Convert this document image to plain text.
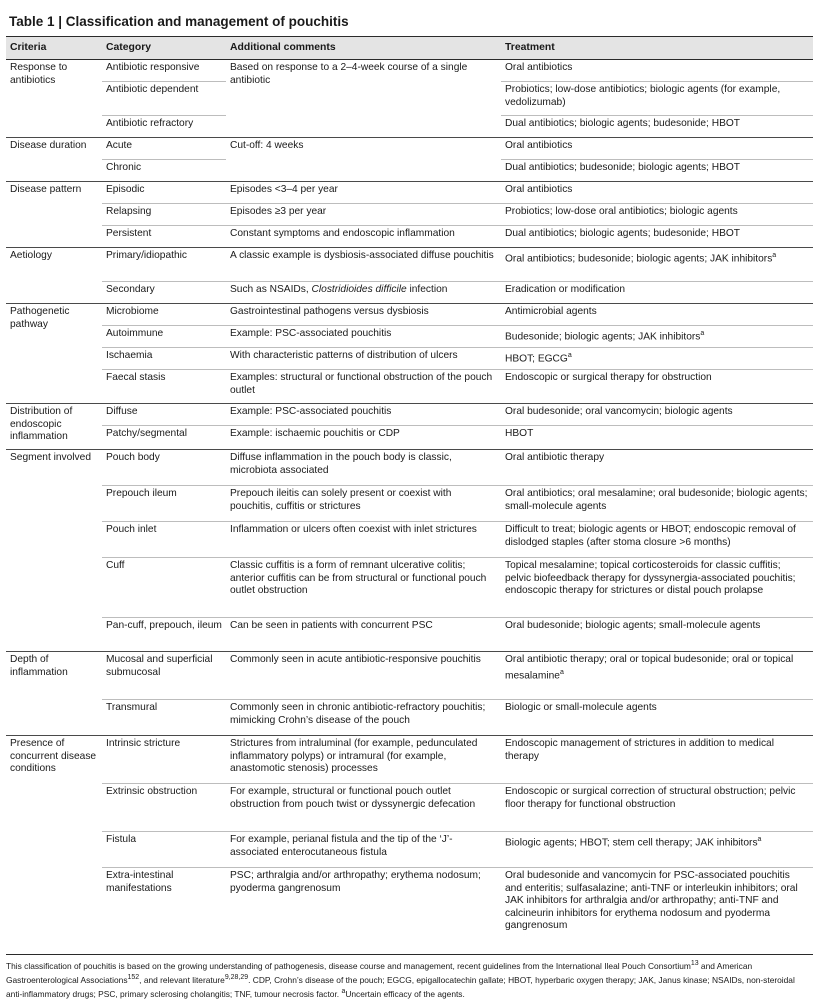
Table 1 | Classification and management of pouchitis
Criteria	Category	Additional comments	Treatment
Response to antibiotics	Antibiotic responsive	Based on response to a 2–4-week course of a single antibiotic	Oral antibiotics
	Antibiotic dependent		Probiotics; low-dose antibiotics; biologic agents (for example, vedolizumab)
	Antibiotic refractory		Dual antibiotics; biologic agents; budesonide; HBOT
Disease duration	Acute	Cut-off: 4 weeks	Oral antibiotics
	Chronic		Dual antibiotics; budesonide; biologic agents; HBOT
Disease pattern	Episodic	Episodes <3–4 per year	Oral antibiotics
	Relapsing	Episodes ≥3 per year	Probiotics; low-dose oral antibiotics; biologic agents
	Persistent	Constant symptoms and endoscopic inflammation	Dual antibiotics; biologic agents; budesonide; HBOT
Aetiology	Primary/idiopathic	A classic example is dysbiosis-associated diffuse pouchitis	Oral antibiotics; budesonide; biologic agents; JAK inhibitors$^a$
	Secondary	Such as NSAIDs, Clostridioides difficile infection	Eradication or modification
Pathogenetic pathway	Microbiome	Gastrointestinal pathogens versus dysbiosis	Antimicrobial agents
	Autoimmune	Example: PSC-associated pouchitis	Budesonide; biologic agents; JAK inhibitors$^a$
	Ischaemia	With characteristic patterns of distribution of ulcers	HBOT; EGCG$^a$
	Faecal stasis	Examples: structural or functional obstruction of the pouch outlet	Endoscopic or surgical therapy for obstruction
Distribution of endoscopic inflammation	Diffuse	Example: PSC-associated pouchitis	Oral budesonide; oral vancomycin; biologic agents
	Patchy/segmental	Example: ischaemic pouchitis or CDP	HBOT
Segment involved	Pouch body	Diffuse inflammation in the pouch body is classic, microbiota associated	Oral antibiotic therapy
	Prepouch ileum	Prepouch ileitis can solely present or coexist with pouchitis, cuffitis or strictures	Oral antibiotics; oral mesalamine; oral budesonide; biologic agents; small-molecule agents
	Pouch inlet	Inflammation or ulcers often coexist with inlet strictures	Difficult to treat; biologic agents or HBOT; endoscopic removal of dislodged staples (after stoma closure >6 months)
	Cuff	Classic cuffitis is a form of remnant ulcerative colitis; anterior cuffitis can be from structural or functional pouch outlet obstruction	Topical mesalamine; topical corticosteroids for classic cuffitis; pelvic biofeedback therapy for dyssynergia-associated pouchitis; endoscopic therapy for strictures or distal pouch prolapse
	Pan-cuff, prepouch, ileum	Can be seen in patients with concurrent PSC	Oral budesonide; biologic agents; small-molecule agents
Depth of inflammation	Mucosal and superficial submucosal	Commonly seen in acute antibiotic-responsive pouchitis	Oral antibiotic therapy; oral or topical budesonide; oral or topical mesalamine$^a$
	Transmural	Commonly seen in chronic antibiotic-refractory pouchitis; mimicking Crohn’s disease of the pouch	Biologic or small-molecule agents
Presence of concurrent disease conditions	Intrinsic stricture	Strictures from intraluminal (for example, pedunculated inflammatory polyps) or intramural (for example, anastomotic stenosis) processes	Endoscopic management of strictures in addition to medical therapy
	Extrinsic obstruction	For example, structural or functional pouch outlet obstruction from pouch twist or dyssynergic defecation	Endoscopic or surgical correction of structural obstruction; pelvic floor therapy for functional obstruction
	Fistula	For example, perianal fistula and the tip of the ‘J’-associated enterocutaneous fistula	Biologic agents; HBOT; stem cell therapy; JAK inhibitors$^a$
	Extra-intestinal manifestations	PSC; arthralgia and/or arthropathy; erythema nodosum; pyoderma gangrenosum	Oral budesonide and vancomycin for PSC-associated pouchitis and enteritis; sulfasalazine; anti-TNF or interleukin inhibitors; oral JAK inhibitors for arthralgia and/or arthropathy; anti-TNF and calcineurin inhibitors for erythema nodosum and pyoderma gangrenosum
This classification of pouchitis is based on the growing understanding of pathogenesis, disease course and management, recent guidelines from the International Ileal Pouch Consortium$^{13}$ and American Gastroenterological Associations$^{152}$, and relevant literature$^{9,28,29}$. CDP, Crohn’s disease of the pouch; EGCG, epigallocatechin gallate; HBOT, hyperbaric oxygen therapy; JAK, Janus kinase; NSAIDs, non-steroidal anti-inflammatory drugs; PSC, primary sclerosing cholangitis; TNF, tumour necrosis factor. $^a$Uncertain efficacy of the agents.
